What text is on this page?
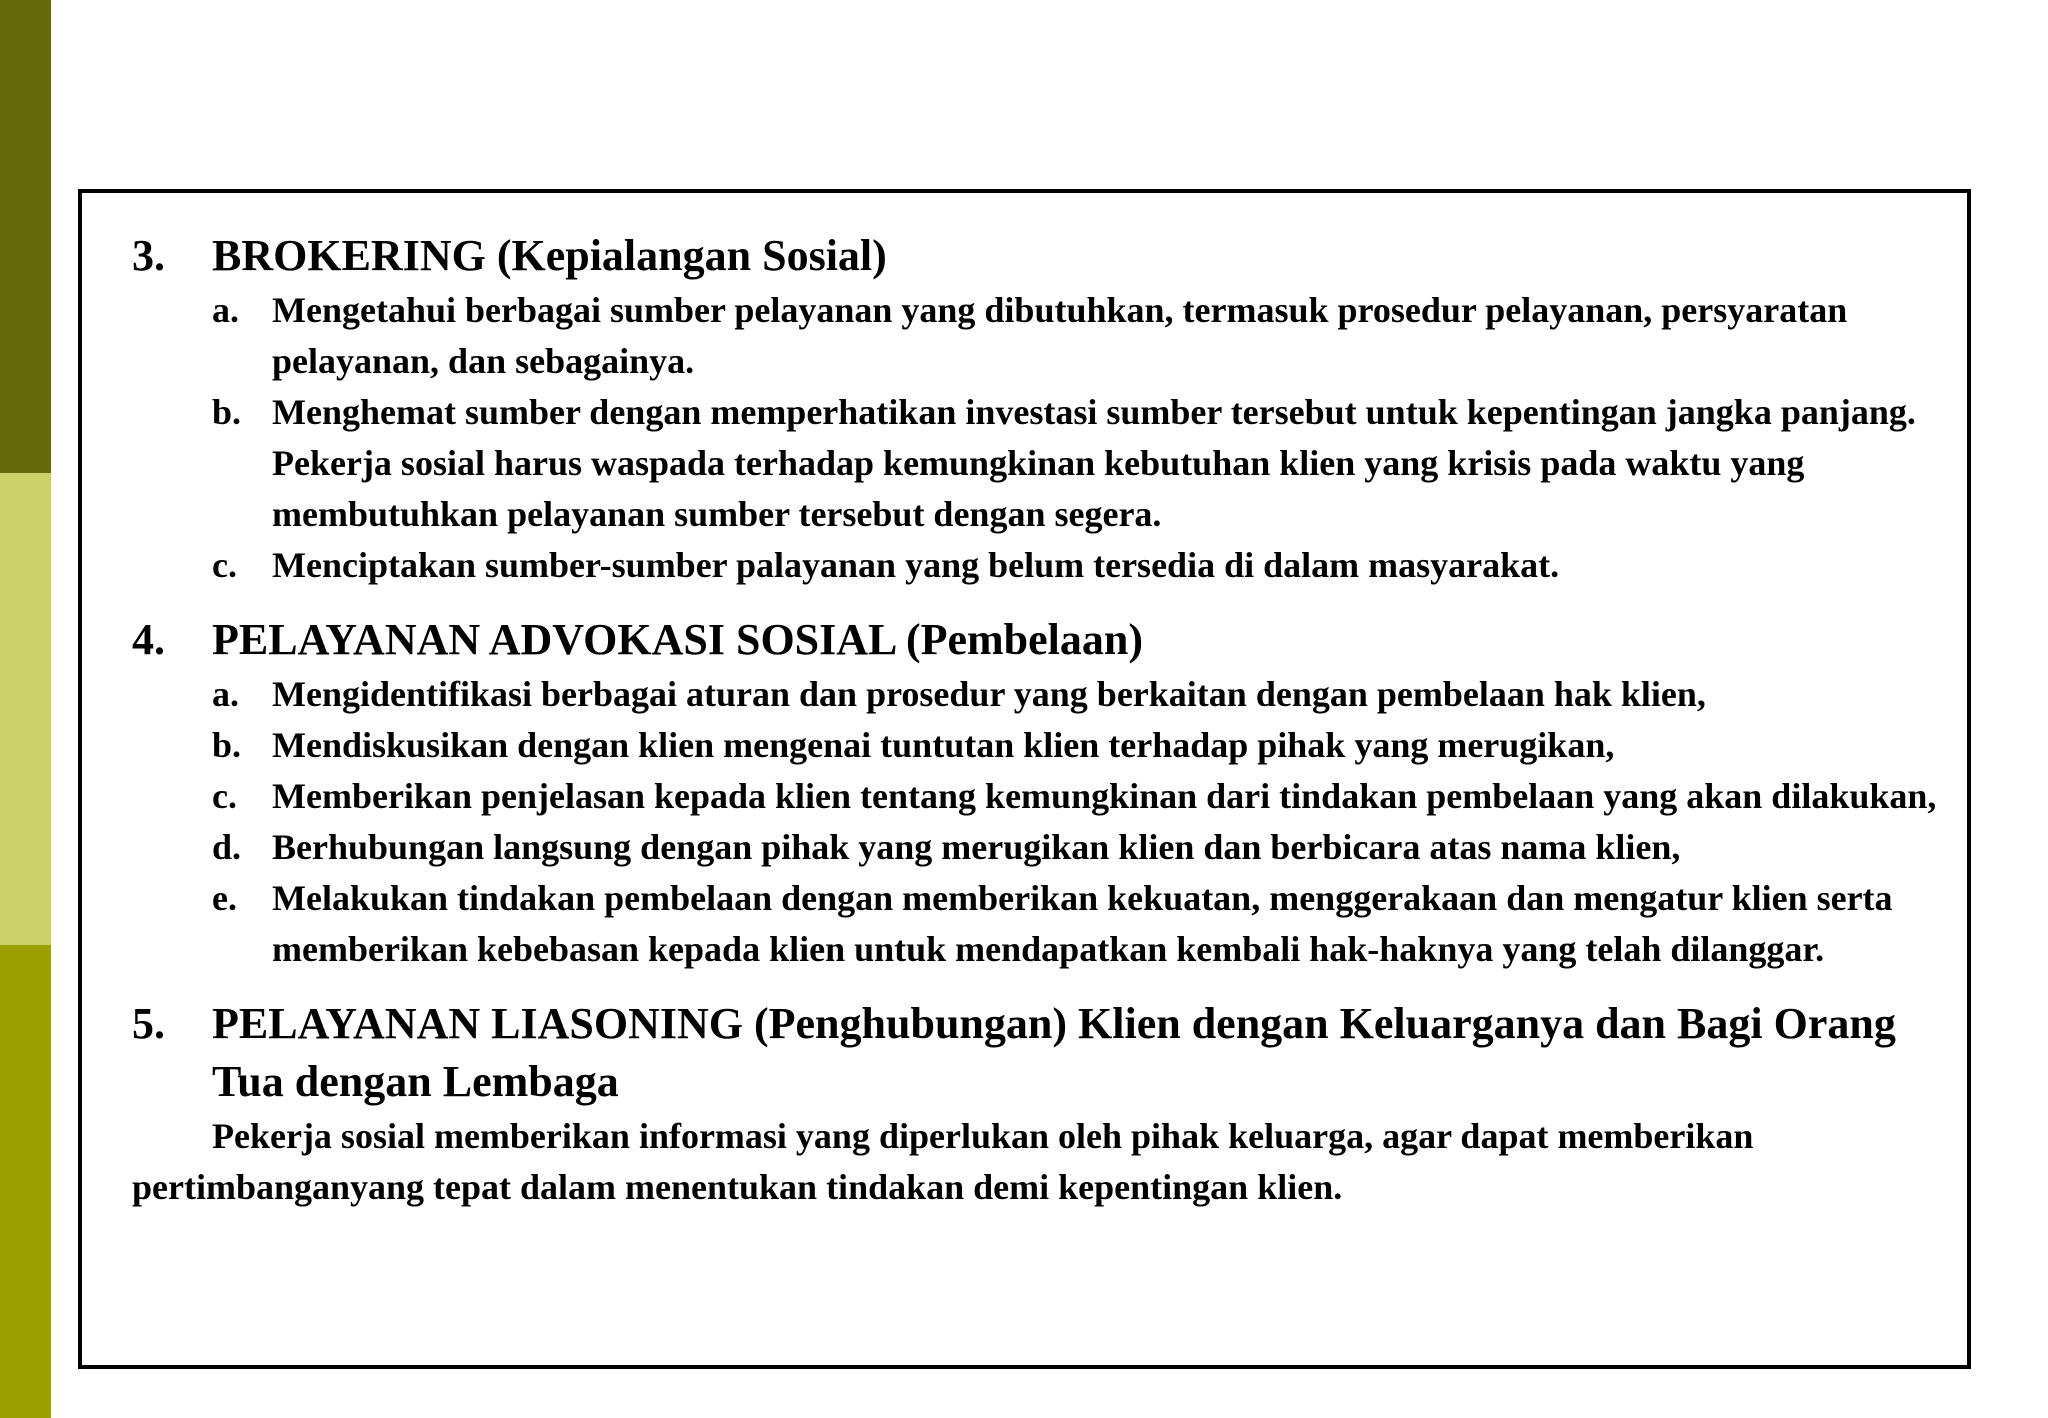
3.	BROKERING (Kepialangan Sosial)
a. Mengetahui berbagai sumber pelayanan yang dibutuhkan, termasuk prosedur pelayanan, persyaratan pelayanan, dan sebagainya.
b. Menghemat sumber dengan memperhatikan investasi sumber tersebut untuk kepentingan jangka panjang. Pekerja sosial harus waspada terhadap kemungkinan kebutuhan klien yang krisis pada waktu yang membutuhkan pelayanan sumber tersebut dengan segera.
c. Menciptakan sumber-sumber palayanan yang belum tersedia di dalam masyarakat.
4.	PELAYANAN ADVOKASI SOSIAL (Pembelaan)
a. Mengidentifikasi berbagai aturan dan prosedur yang berkaitan dengan pembelaan hak klien,
b. Mendiskusikan dengan klien mengenai tuntutan klien terhadap pihak yang merugikan,
c. Memberikan penjelasan kepada klien tentang kemungkinan dari tindakan pembelaan yang akan dilakukan,
d. Berhubungan langsung dengan pihak yang merugikan klien dan berbicara atas nama klien,
e. Melakukan tindakan pembelaan dengan memberikan kekuatan, menggerakaan dan mengatur klien serta memberikan kebebasan kepada klien untuk mendapatkan kembali hak-haknya yang telah dilanggar.
5.	PELAYANAN LIASONING (Penghubungan) Klien dengan Keluarganya dan Bagi Orang Tua dengan Lembaga
Pekerja sosial memberikan informasi yang diperlukan oleh pihak keluarga, agar dapat memberikan pertimbanganyang tepat dalam menentukan tindakan demi kepentingan klien.
